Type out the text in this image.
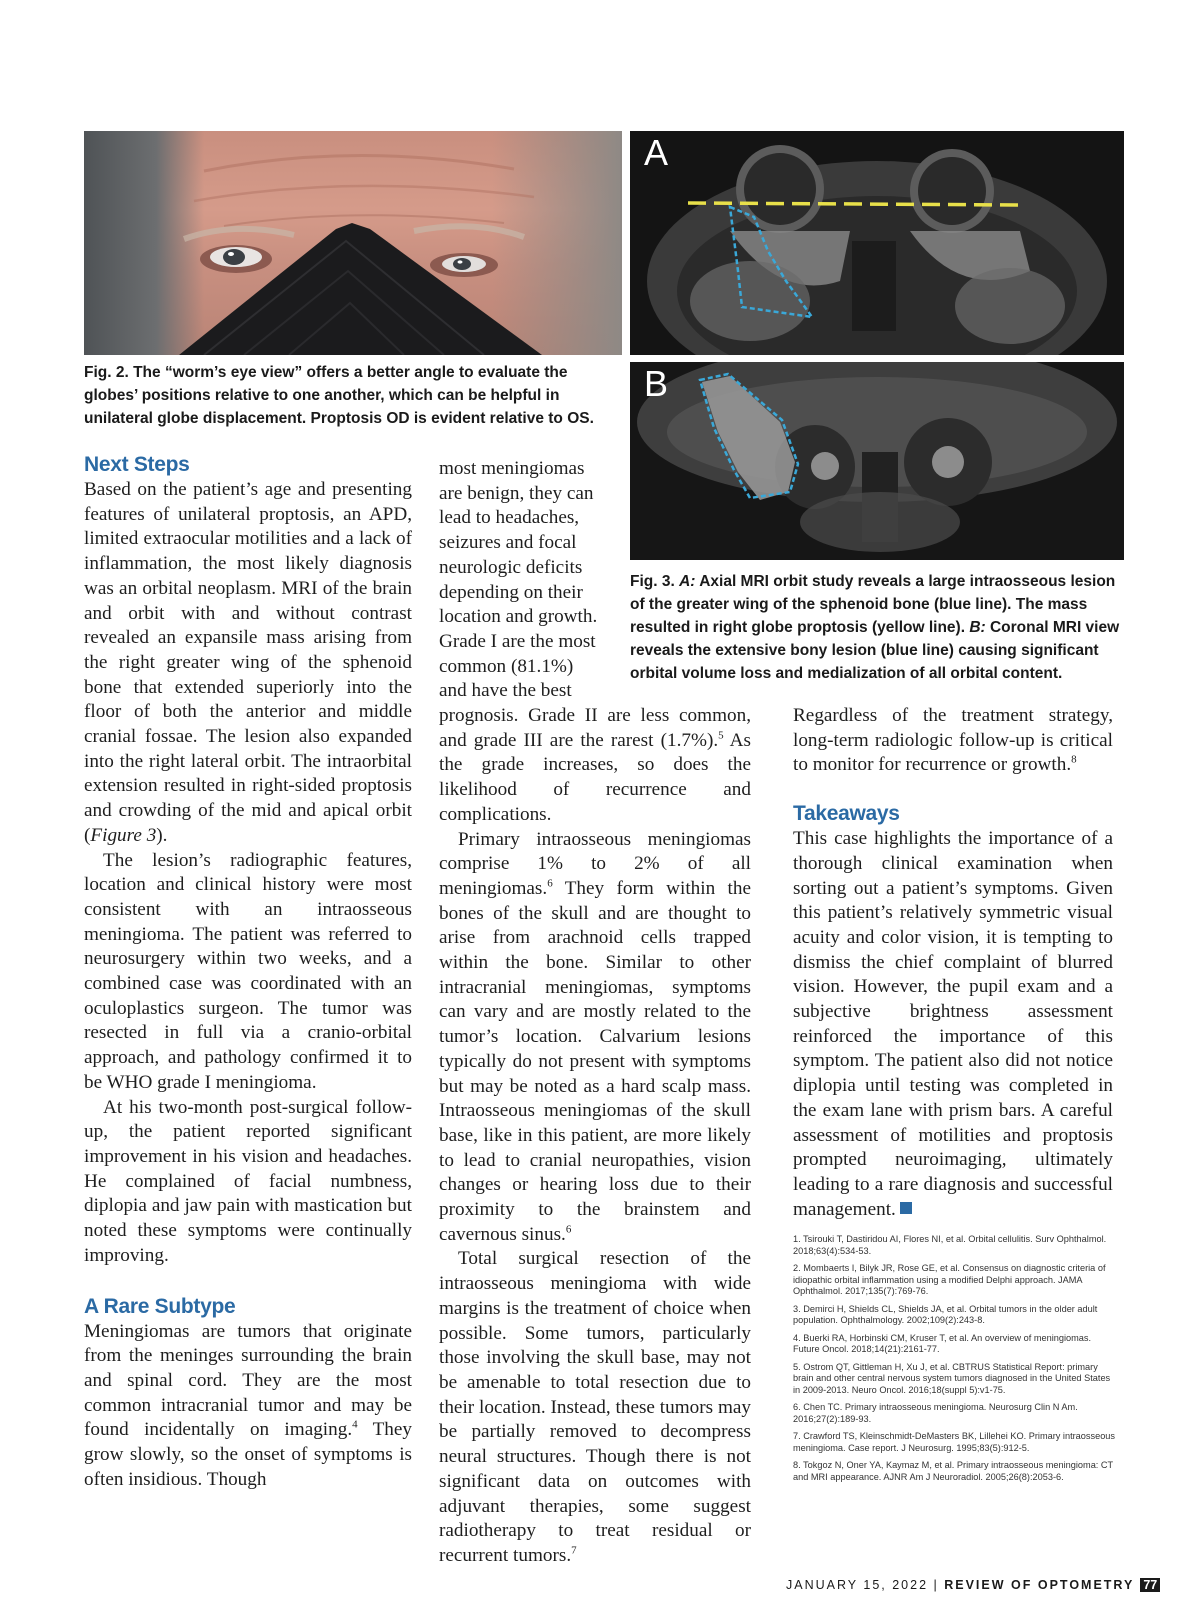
A
B
Fig. 2. The “worm’s eye view” offers a better angle to evaluate the globes’ positions relative to one another, which can be helpful in unilateral globe displacement. Proptosis OD is evident relative to OS.
Fig. 3. A: Axial MRI orbit study reveals a large intraosseous lesion of the greater wing of the sphenoid bone (blue line). The mass resulted in right globe proptosis (yellow line). B: Coronal MRI view reveals the extensive bony lesion (blue line) causing significant orbital volume loss and medialization of all orbital content.
Next Steps

Based on the patient’s age and presenting features of unilateral proptosis, an APD, limited extraocular motilities and a lack of inflammation, the most likely diagnosis was an orbital neoplasm. MRI of the brain and orbit with and without contrast revealed an expansile mass arising from the right greater wing of the sphenoid bone that extended superiorly into the floor of both the anterior and middle cranial fossae. The lesion also expanded into the right lateral orbit. The intraorbital extension resulted in right-sided proptosis and crowding of the mid and apical orbit (Figure 3).

The lesion’s radiographic features, location and clinical history were most consistent with an intraosseous meningioma. The patient was referred to neurosurgery within two weeks, and a combined case was coordinated with an oculoplastics surgeon. The tumor was resected in full via a cranio-orbital approach, and pathology confirmed it to be WHO grade I meningioma.

At his two-month post-surgical follow-up, the patient reported significant improvement in his vision and headaches. He complained of facial numbness, diplopia and jaw pain with mastication but noted these symptoms were continually improving.

A Rare Subtype

Meningiomas are tumors that originate from the meninges surrounding the brain and spinal cord. They are the most common intracranial tumor and may be found incidentally on imaging.$^4$ They grow slowly, so the onset of symptoms is often insidious. Though

most meningiomas
are benign, they can
lead to headaches,
seizures and focal
neurologic deficits
depending on their
location and growth.
Grade I are the most
common (81.1%)
and have the best

prognosis. Grade II are less common, and grade III are the rarest (1.7%).$^5$ As the grade increases, so does the likelihood of recurrence and complications.

Primary intraosseous meningiomas comprise 1% to 2% of all meningiomas.$^6$ They form within the bones of the skull and are thought to arise from arachnoid cells trapped within the bone. Similar to other intracranial meningiomas, symptoms can vary and are mostly related to the tumor’s location. Calvarium lesions typically do not present with symptoms but may be noted as a hard scalp mass. Intraosseous meningiomas of the skull base, like in this patient, are more likely to lead to cranial neuropathies, vision changes or hearing loss due to their proximity to the brainstem and cavernous sinus.$^6$

Total surgical resection of the intraosseous meningioma with wide margins is the treatment of choice when possible. Some tumors, particularly those involving the skull base, may not be amenable to total resection due to their location. Instead, these tumors may be partially removed to decompress neural structures. Though there is not significant data on outcomes with adjuvant therapies, some suggest radiotherapy to treat residual or recurrent tumors.$^7$

Regardless of the treatment strategy, long-term radiologic follow-up is critical to monitor for recurrence or growth.$^8$

Takeaways

This case highlights the importance of a thorough clinical examination when sorting out a patient’s symptoms. Given this patient’s relatively symmetric visual acuity and color vision, it is tempting to dismiss the chief complaint of blurred vision. However, the pupil exam and a subjective brightness assessment reinforced the importance of this symptom. The patient also did not notice diplopia until testing was completed in the exam lane with prism bars. A careful assessment of motilities and proptosis prompted neuroimaging, ultimately leading to a rare diagnosis and successful management.

1. Tsirouki T, Dastiridou AI, Flores NI, et al. Orbital cellulitis. Surv Ophthalmol. 2018;63(4):534-53.

2. Mombaerts I, Bilyk JR, Rose GE, et al. Consensus on diagnostic criteria of idiopathic orbital inflammation using a modified Delphi approach. JAMA Ophthalmol. 2017;135(7):769-76.

3. Demirci H, Shields CL, Shields JA, et al. Orbital tumors in the older adult population. Ophthalmology. 2002;109(2):243-8.

4. Buerki RA, Horbinski CM, Kruser T, et al. An overview of meningiomas. Future Oncol. 2018;14(21):2161-77.

5. Ostrom QT, Gittleman H, Xu J, et al. CBTRUS Statistical Report: primary brain and other central nervous system tumors diagnosed in the United States in 2009-2013. Neuro Oncol. 2016;18(suppl 5):v1-75.

6. Chen TC. Primary intraosseous meningioma. Neurosurg Clin N Am. 2016;27(2):189-93.

7. Crawford TS, Kleinschmidt-DeMasters BK, Lillehei KO. Primary intraosseous meningioma. Case report. J Neurosurg. 1995;83(5):912-5.

8. Tokgoz N, Oner YA, Kaymaz M, et al. Primary intraosseous meningioma: CT and MRI appearance. AJNR Am J Neuroradiol. 2005;26(8):2053-6.

JANUARY 15, 2022 | REVIEW OF OPTOMETRY 77
